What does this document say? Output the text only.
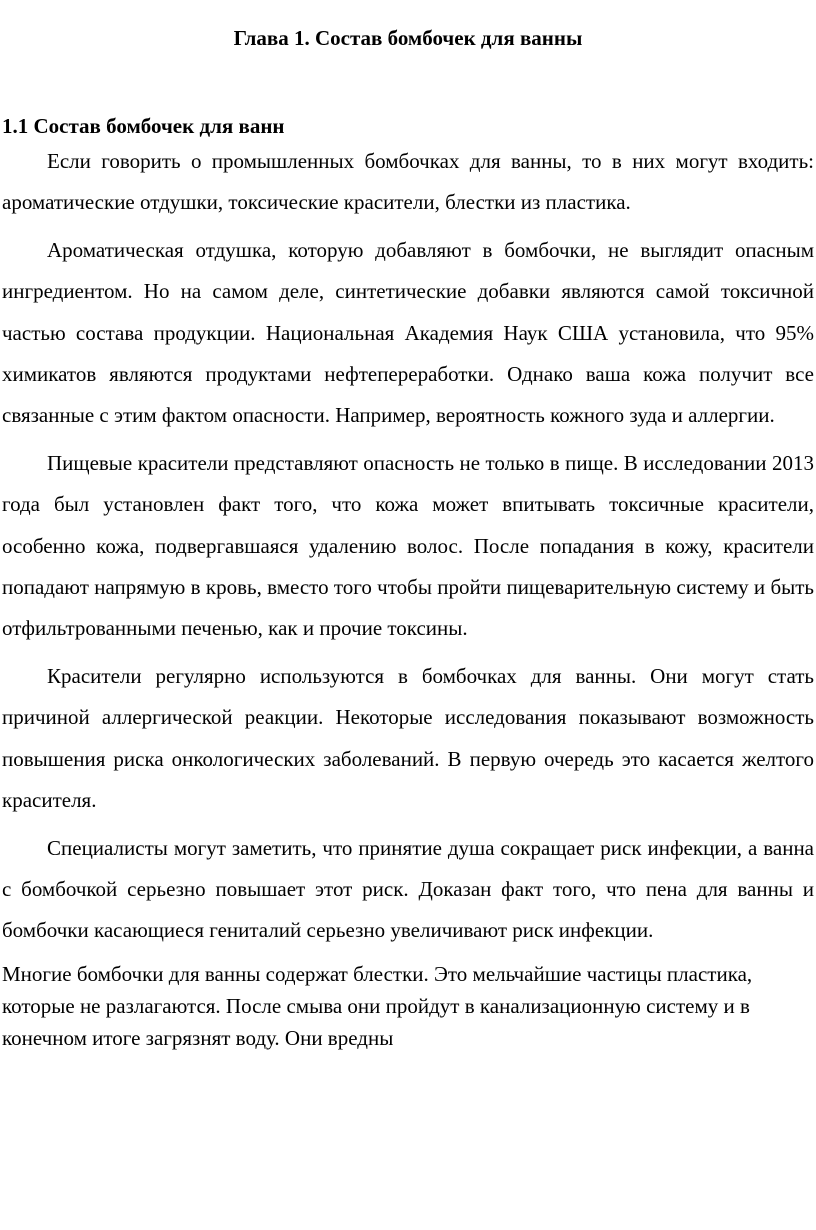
Глава 1. Состав бомбочек для ванны
1.1 Состав бомбочек для ванн

Если говорить о промышленных бомбочках для ванны, то в них могут входить: ароматические отдушки, токсические красители, блестки из пластика.

Ароматическая отдушка, которую добавляют в бомбочки, не выглядит опасным ингредиентом. Но на самом деле, синтетические добавки являются самой токсичной частью состава продукции. Национальная Академия Наук США установила, что 95% химикатов являются продуктами нефтепереработки. Однако ваша кожа получит все связанные с этим фактом опасности. Например, вероятность кожного зуда и аллергии.

Пищевые красители представляют опасность не только в пище. В исследовании 2013 года был установлен факт того, что кожа может впитывать токсичные красители, особенно кожа, подвергавшаяся удалению волос. После попадания в кожу, красители попадают напрямую в кровь, вместо того чтобы пройти пищеварительную систему и быть отфильтрованными печенью, как и прочие токсины.

Красители регулярно используются в бомбочках для ванны. Они могут стать причиной аллергической реакции. Некоторые исследования показывают возможность повышения риска онкологических заболеваний. В первую очередь это касается желтого красителя.

Специалисты могут заметить, что принятие душа сокращает риск инфекции, а ванна с бомбочкой серьезно повышает этот риск. Доказан факт того, что пена для ванны и бомбочки касающиеся гениталий серьезно увеличивают риск инфекции.

Многие бомбочки для ванны содержат блестки. Это мельчайшие частицы пластика, которые не разлагаются. После смыва они пройдут в канализационную систему и в конечном итоге загрязнят воду. Они вредны
